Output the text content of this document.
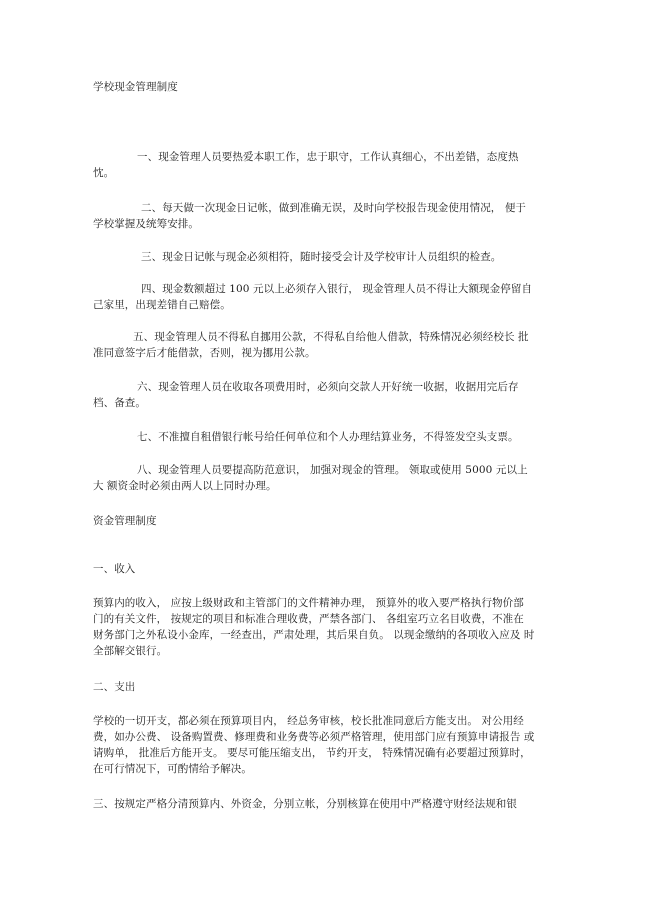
学校现金管理制度
一、现金管理人员要热爱本职工作，忠于职守，工作认真细心，不出差错，态度热
忱。
二、每天做一次现金日记帐，做到准确无误，及时向学校报告现金使用情况， 便于
学校掌握及统筹安排。
三、现金日记帐与现金必须相符，随时接受会计及学校审计人员组织的检查。
四、现金数额超过 100 元以上必须存入银行， 现金管理人员不得让大额现金停留自
己家里，出现差错自己赔偿。
五、现金管理人员不得私自挪用公款，不得私自给他人借款，特殊情况必须经校长 批
准同意签字后才能借款，否则，视为挪用公款。
六、现金管理人员在收取各项费用时，必须向交款人开好统一收据，收据用完后存
档、备查。
七、不准擅自租借银行帐号给任何单位和个人办理结算业务，不得签发空头支票。
八、现金管理人员要提高防范意识， 加强对现金的管理。 领取或使用 5000 元以上
大 额资金时必须由两人以上同时办理。
资金管理制度
一、收入
预算内的收入， 应按上级财政和主管部门的文件精神办理， 预算外的收入要严格执行物价部
门的有关文件， 按规定的项目和标准合理收费，严禁各部门、 各组室巧立名目收费，不准在
财务部门之外私设小金库，一经查出，严肃处理，其后果自负。 以现金缴纳的各项收入应及 时
全部解交银行。
二、支出
学校的一切开支，都必须在预算项目内， 经总务审核，校长批准同意后方能支出。 对公用经
费，如办公费、 设备购置费、修理费和业务费等必须严格管理，使用部门应有预算申请报告 或
请购单， 批准后方能开支。 要尽可能压缩支出， 节约开支， 特殊情况确有必要超过预算时，
在可行情况下，可酌情给予解决。
三、按规定严格分清预算内、外资金，分别立帐，分别核算在使用中严格遵守财经法规和银
